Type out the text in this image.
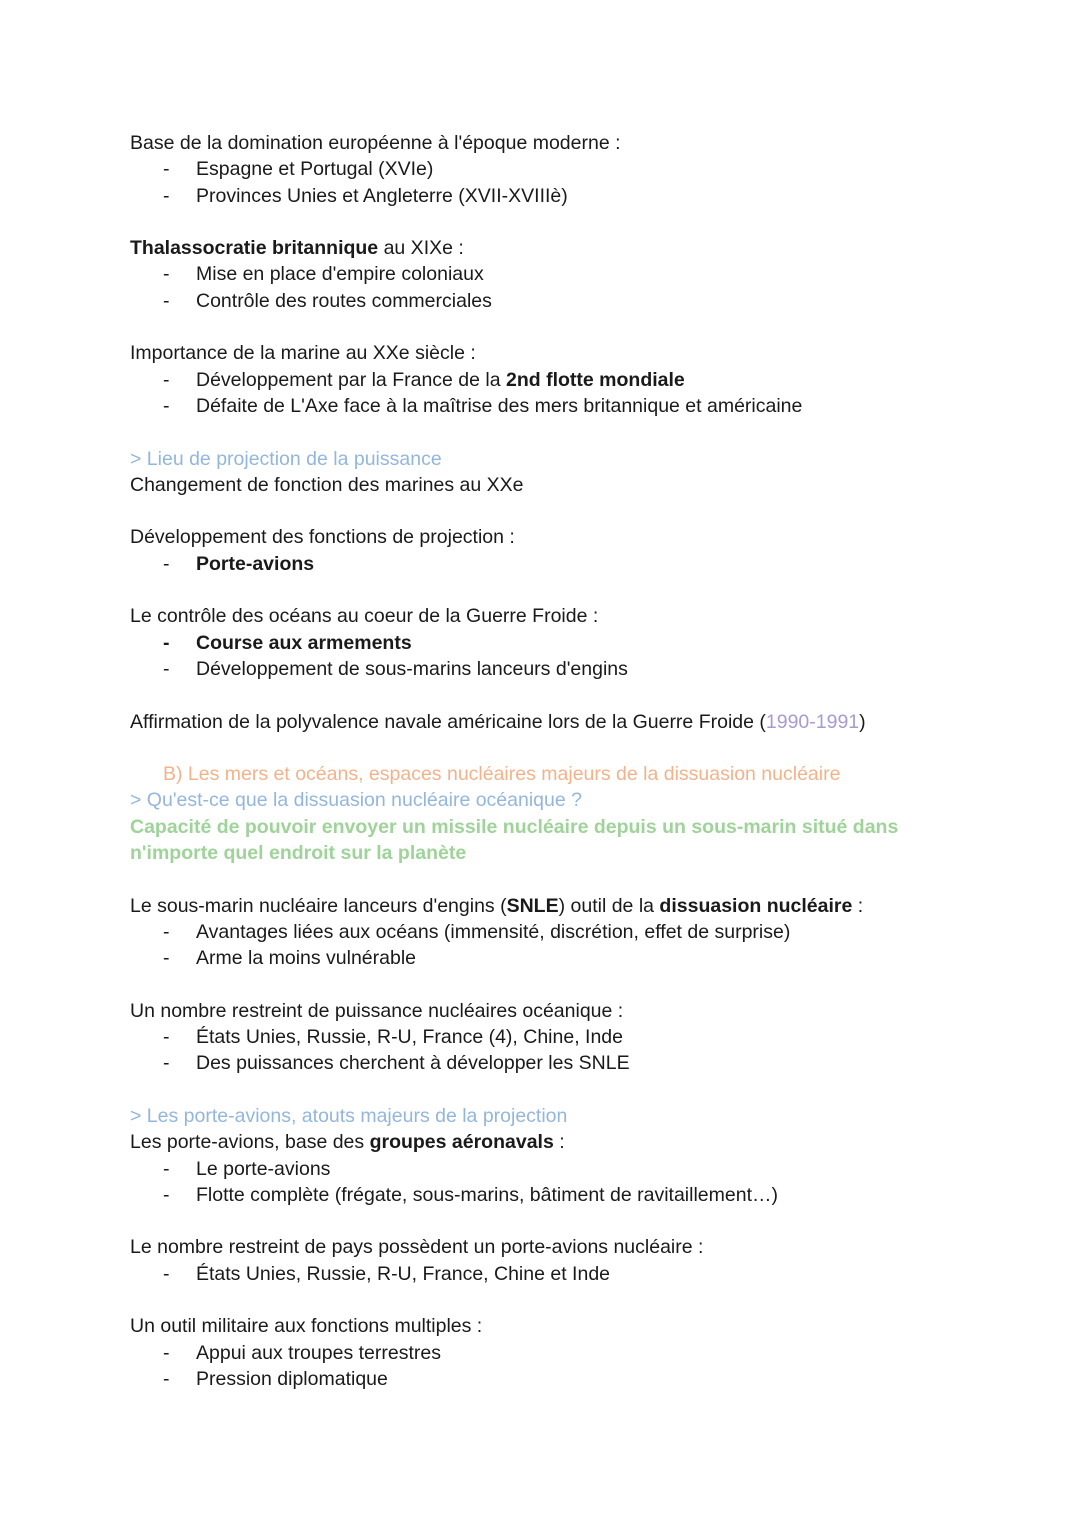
Base de la domination européenne à l'époque moderne :
- Espagne et Portugal (XVIe)
- Provinces Unies et Angleterre (XVII-XVIIIè)
Thalassocratie britannique au XIXe :
- Mise en place d'empire coloniaux
- Contrôle des routes commerciales
Importance de la marine au XXe siècle :
- Développement par la France de la 2nd flotte mondiale
- Défaite de L'Axe face à la maîtrise des mers britannique et américaine
> Lieu de projection de la puissance
Changement de fonction des marines au XXe
Développement des fonctions de projection :
- Porte-avions
Le contrôle des océans au coeur de la Guerre Froide :
- Course aux armements
- Développement de sous-marins lanceurs d'engins
Affirmation de la polyvalence navale américaine lors de la Guerre Froide (1990-1991)
B) Les mers et océans, espaces nucléaires majeurs de la dissuasion nucléaire
> Qu'est-ce que la dissuasion nucléaire océanique ?
Capacité de pouvoir envoyer un missile nucléaire depuis un sous-marin situé dans
n'importe quel endroit sur la planète
Le sous-marin nucléaire lanceurs d'engins (SNLE) outil de la dissuasion nucléaire :
- Avantages liées aux océans (immensité, discrétion, effet de surprise)
- Arme la moins vulnérable
Un nombre restreint de puissance nucléaires océanique :
- États Unies, Russie, R-U, France (4), Chine, Inde
- Des puissances cherchent à développer les SNLE
> Les porte-avions, atouts majeurs de la projection
Les porte-avions, base des groupes aéronavals :
- Le porte-avions
- Flotte complète (frégate, sous-marins, bâtiment de ravitaillement…)
Le nombre restreint de pays possèdent un porte-avions nucléaire :
- États Unies, Russie, R-U, France, Chine et Inde
Un outil militaire aux fonctions multiples :
- Appui aux troupes terrestres
- Pression diplomatique
